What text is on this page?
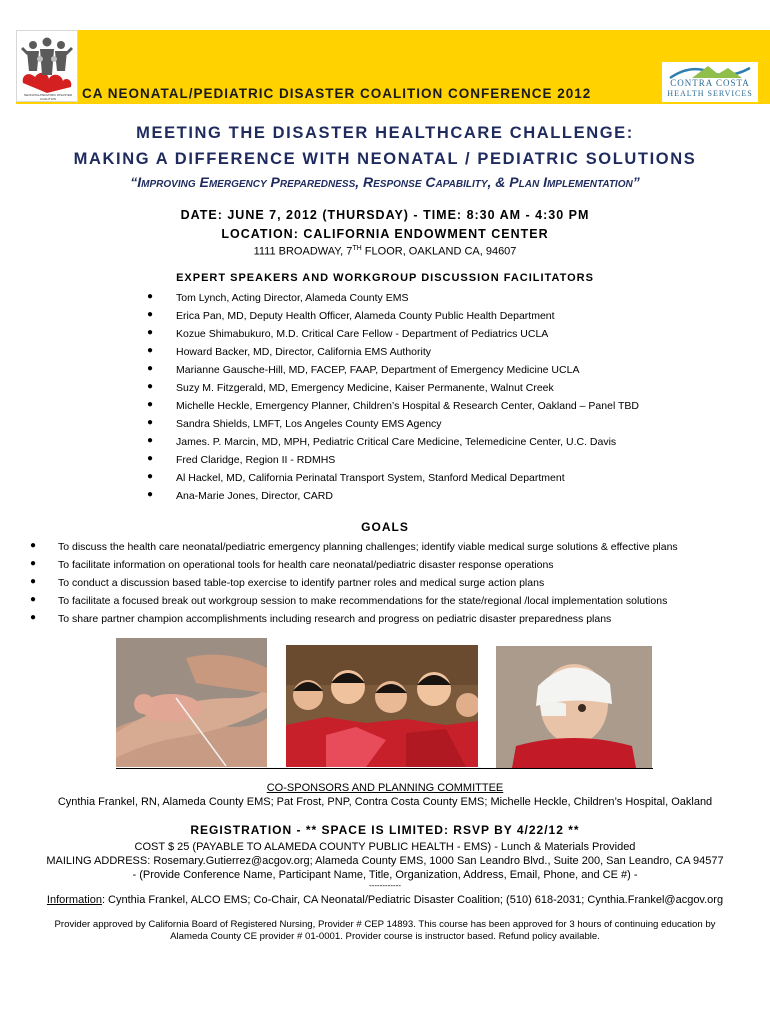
NEONATAL/PEDIATRIC DISASTER COALITION
CONTRA COSTA
HEALTH SERVICES
CA NEONATAL/PEDIATRIC DISASTER COALITION CONFERENCE 2012
MEETING THE DISASTER HEALTHCARE CHALLENGE:
MAKING A DIFFERENCE WITH NEONATAL / PEDIATRIC SOLUTIONS
“Improving Emergency Preparedness, Response Capability, & Plan Implementation”
DATE: JUNE 7, 2012 (THURSDAY) - TIME: 8:30 AM - 4:30 PM
LOCATION: CALIFORNIA ENDOWMENT CENTER
1111 BROADWAY, 7TH FLOOR, OAKLAND CA, 94607
EXPERT SPEAKERS AND WORKGROUP DISCUSSION FACILITATORS
● Tom Lynch, Acting Director, Alameda County EMS
● Erica Pan, MD, Deputy Health Officer, Alameda County Public Health Department
● Kozue Shimabukuro, M.D. Critical Care Fellow - Department of Pediatrics UCLA
● Howard Backer, MD, Director, California EMS Authority
● Marianne Gausche-Hill, MD, FACEP, FAAP, Department of Emergency Medicine UCLA
● Suzy M. Fitzgerald, MD, Emergency Medicine, Kaiser Permanente, Walnut Creek
● Michelle Heckle, Emergency Planner, Children’s Hospital & Research Center, Oakland – Panel TBD
● Sandra Shields, LMFT, Los Angeles County EMS Agency
● James. P. Marcin, MD, MPH, Pediatric Critical Care Medicine, Telemedicine Center, U.C. Davis
● Fred Claridge, Region II - RDMHS
● Al Hackel, MD, California Perinatal Transport System, Stanford Medical Department
● Ana-Marie Jones, Director, CARD
GOALS
● To discuss the health care neonatal/pediatric emergency planning challenges; identify viable medical surge solutions & effective plans
● To facilitate information on operational tools for health care neonatal/pediatric disaster response operations
● To conduct a discussion based table-top exercise to identify partner roles and medical surge action plans
● To facilitate a focused break out workgroup session to make recommendations for the state/regional /local implementation solutions
● To share partner champion accomplishments including research and progress on pediatric disaster preparedness plans
CO-SPONSORS AND PLANNING COMMITTEE
Cynthia Frankel, RN, Alameda County EMS; Pat Frost, PNP, Contra Costa County EMS; Michelle Heckle, Children’s Hospital, Oakland
REGISTRATION - ** SPACE IS LIMITED: RSVP BY 4/22/12 **
COST $ 25 (PAYABLE TO ALAMEDA COUNTY PUBLIC HEALTH - EMS) - Lunch & Materials Provided
MAILING ADDRESS: Rosemary.Gutierrez@acgov.org; Alameda County EMS, 1000 San Leandro Blvd., Suite 200, San Leandro, CA 94577
- (Provide Conference Name, Participant Name, Title, Organization, Address, Email, Phone, and CE #) -
------------
Information: Cynthia Frankel, ALCO EMS; Co-Chair, CA Neonatal/Pediatric Disaster Coalition; (510) 618-2031; Cynthia.Frankel@acgov.org
Provider approved by California Board of Registered Nursing, Provider # CEP 14893. This course has been approved for 3 hours of continuing education by
Alameda County CE provider # 01-0001. Provider course is instructor based. Refund policy available.
